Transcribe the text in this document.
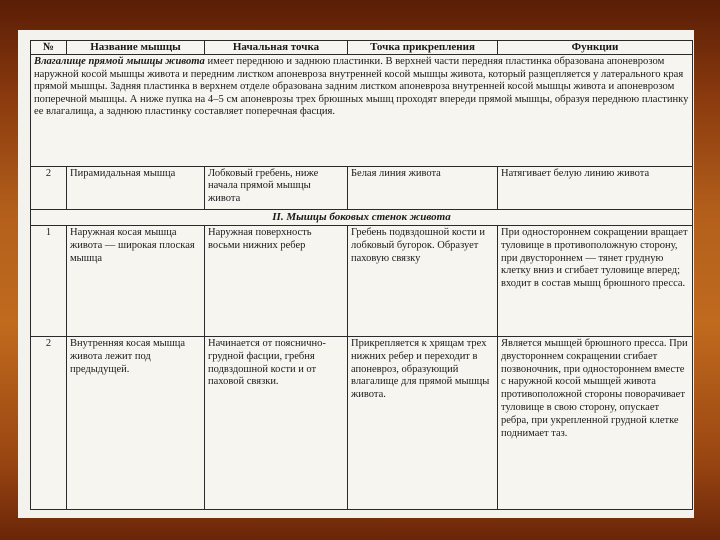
№	Название мышцы	Начальная точка	Точка прикрепления	Функции
Влагалище прямой мышцы живота имеет переднюю и заднюю пластинки. В верхней части передняя пластинка образована апоневрозом наружной косой мышцы живота и передним листком апоневроза внутренней косой мышцы живота, который разщепляется у латерального края прямой мышцы. Задняя пластинка в верхнем отделе образована задним листком апоневроза внутренней косой мышцы живота и апоневрозом поперечной мышцы. А ниже пупка на 4–5 см апоневрозы трех брюшных мышц проходят впереди прямой мышцы, образуя переднюю пластинку ее влагалища, а заднюю пластинку составляет поперечная фасция.				
2	Пирамидальная мышца	Лобковый гребень, ниже начала прямой мышцы живота	Белая линия живота	Натягивает белую линию живота
II. Мышцы боковых стенок живота				
1	Наружная косая мышца живота — широкая плоская мышца	Наружная поверхность восьми нижних ребер	Гребень подвздошной кости и лобковый бугорок. Образует паховую связку	При одностороннем сокращении вращает туловище в противоположную сторону, при двустороннем — тянет грудную клетку вниз и сгибает туловище вперед; входит в состав мышц брюшного пресса.
2	Внутренняя косая мышца живота лежит под предыдущей.	Начинается от пояснично-грудной фасции, гребня подвздошной кости и от паховой связки.	Прикрепляется к хрящам трех нижних ребер и переходит в апоневроз, образующий влагалище для прямой мышцы живота.	Является мышцей брюшного пресса. При двустороннем сокращении сгибает позвоночник, при одностороннем вместе с наружной косой мышцей живота противоположной стороны поворачивает туловище в свою сторону, опускает ребра, при укрепленной грудной клетке поднимает таз.
